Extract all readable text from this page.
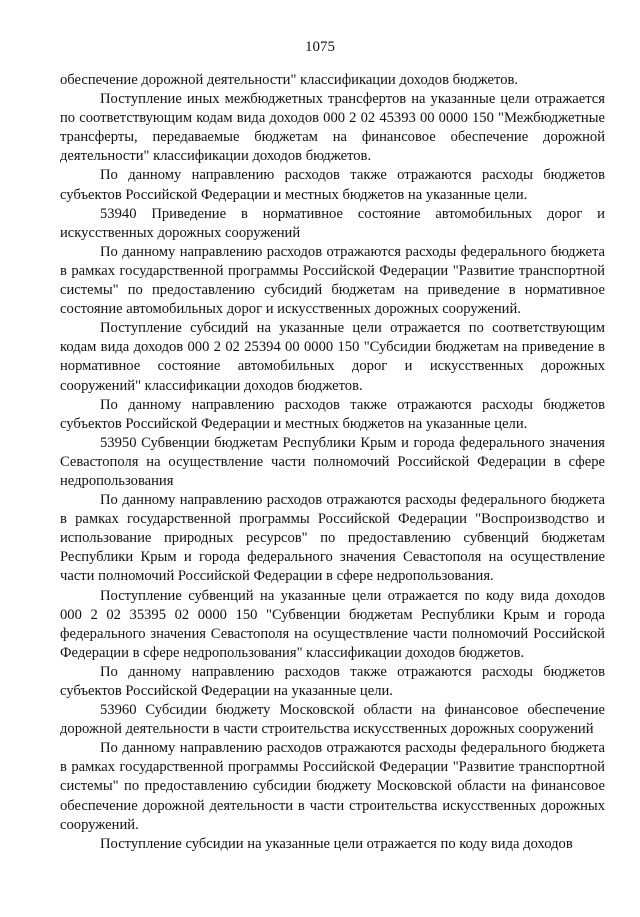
1075

обеспечение дорожной деятельности" классификации доходов бюджетов.

Поступление иных межбюджетных трансфертов на указанные цели отражается по соответствующим кодам вида доходов 000 2 02 45393 00 0000 150 "Межбюджетные трансферты, передаваемые бюджетам на финансовое обеспечение дорожной деятельности" классификации доходов бюджетов.

По данному направлению расходов также отражаются расходы бюджетов субъектов Российской Федерации и местных бюджетов на указанные цели.

53940 Приведение в нормативное состояние автомобильных дорог и искусственных дорожных сооружений

По данному направлению расходов отражаются расходы федерального бюджета в рамках государственной программы Российской Федерации "Развитие транспортной системы" по предоставлению субсидий бюджетам на приведение в нормативное состояние автомобильных дорог и искусственных дорожных сооружений.

Поступление субсидий на указанные цели отражается по соответствующим кодам вида доходов 000 2 02 25394 00 0000 150 "Субсидии бюджетам на приведение в нормативное состояние автомобильных дорог и искусственных дорожных сооружений" классификации доходов бюджетов.

По данному направлению расходов также отражаются расходы бюджетов субъектов Российской Федерации и местных бюджетов на указанные цели.

53950 Субвенции бюджетам Республики Крым и города федерального значения Севастополя на осуществление части полномочий Российской Федерации в сфере недропользования

По данному направлению расходов отражаются расходы федерального бюджета в рамках государственной программы Российской Федерации "Воспроизводство и использование природных ресурсов" по предоставлению субвенций бюджетам Республики Крым и города федерального значения Севастополя на осуществление части полномочий Российской Федерации в сфере недропользования.

Поступление субвенций на указанные цели отражается по коду вида доходов 000 2 02 35395 02 0000 150 "Субвенции бюджетам Республики Крым и города федерального значения Севастополя на осуществление части полномочий Российской Федерации в сфере недропользования" классификации доходов бюджетов.

По данному направлению расходов также отражаются расходы бюджетов субъектов Российской Федерации на указанные цели.

53960 Субсидии бюджету Московской области на финансовое обеспечение дорожной деятельности в части строительства искусственных дорожных сооружений

По данному направлению расходов отражаются расходы федерального бюджета в рамках государственной программы Российской Федерации "Развитие транспортной системы" по предоставлению субсидии бюджету Московской области на финансовое обеспечение дорожной деятельности в части строительства искусственных дорожных сооружений.

Поступление субсидии на указанные цели отражается по коду вида доходов
